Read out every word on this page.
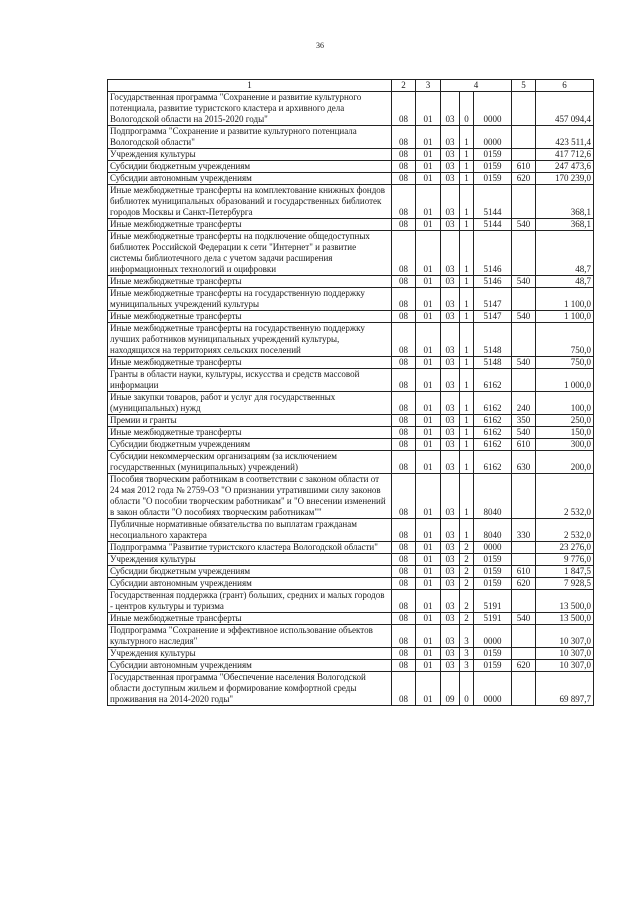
36
1	2	3	4			5	6
Государственная программа "Сохранение и развитие культурного потенциала, развитие туристского кластера и архивного дела Вологодской области на 2015-2020 годы"	08	01	03	0	0000		457 094,4
Подпрограмма "Сохранение и развитие культурного потенциала Вологодской области"	08	01	03	1	0000		423 511,4
Учреждения культуры	08	01	03	1	0159		417 712,6
Субсидии бюджетным учреждениям	08	01	03	1	0159	610	247 473,6
Субсидии автономным учреждениям	08	01	03	1	0159	620	170 239,0
Иные межбюджетные трансферты на комплектование книжных фондов библиотек муниципальных образований и государственных библиотек городов Москвы и Санкт-Петербурга	08	01	03	1	5144		368,1
Иные межбюджетные трансферты	08	01	03	1	5144	540	368,1
Иные межбюджетные трансферты на подключение общедоступных библиотек Российской Федерации к сети "Интернет" и развитие системы библиотечного дела с учетом задачи расширения информационных технологий и оцифровки	08	01	03	1	5146		48,7
Иные межбюджетные трансферты	08	01	03	1	5146	540	48,7
Иные межбюджетные трансферты на государственную поддержку муниципальных учреждений культуры	08	01	03	1	5147		1 100,0
Иные межбюджетные трансферты	08	01	03	1	5147	540	1 100,0
Иные межбюджетные трансферты на государственную поддержку лучших работников муниципальных учреждений культуры, находящихся на территориях сельских поселений	08	01	03	1	5148		750,0
Иные межбюджетные трансферты	08	01	03	1	5148	540	750,0
Гранты в области науки, культуры, искусства и средств массовой информации	08	01	03	1	6162		1 000,0
Иные закупки товаров, работ и услуг для государственных (муниципальных) нужд	08	01	03	1	6162	240	100,0
Премии и гранты	08	01	03	1	6162	350	250,0
Иные межбюджетные трансферты	08	01	03	1	6162	540	150,0
Субсидии бюджетным учреждениям	08	01	03	1	6162	610	300,0
Субсидии некоммерческим организациям (за исключением государственных (муниципальных) учреждений)	08	01	03	1	6162	630	200,0
Пособия творческим работникам в соответствии с законом области от 24 мая 2012 года № 2759-ОЗ "О признании утратившими силу законов области "О пособии творческим работникам" и "О внесении изменений в закон области "О пособиях творческим работникам""	08	01	03	1	8040		2 532,0
Публичные нормативные обязательства по выплатам гражданам несоциального характера	08	01	03	1	8040	330	2 532,0
Подпрограмма "Развитие туристского кластера Вологодской области"	08	01	03	2	0000		23 276,0
Учреждения культуры	08	01	03	2	0159		9 776,0
Субсидии бюджетным учреждениям	08	01	03	2	0159	610	1 847,5
Субсидии автономным учреждениям	08	01	03	2	0159	620	7 928,5
Государственная поддержка (грант) больших, средних и малых городов - центров культуры и туризма	08	01	03	2	5191		13 500,0
Иные межбюджетные трансферты	08	01	03	2	5191	540	13 500,0
Подпрограмма "Сохранение и эффективное использование объектов культурного наследия"	08	01	03	3	0000		10 307,0
Учреждения культуры	08	01	03	3	0159		10 307,0
Субсидии автономным учреждениям	08	01	03	3	0159	620	10 307,0
Государственная программа "Обеспечение населения Вологодской области доступным жильем и формирование комфортной среды проживания на 2014-2020 годы"	08	01	09	0	0000		69 897,7
